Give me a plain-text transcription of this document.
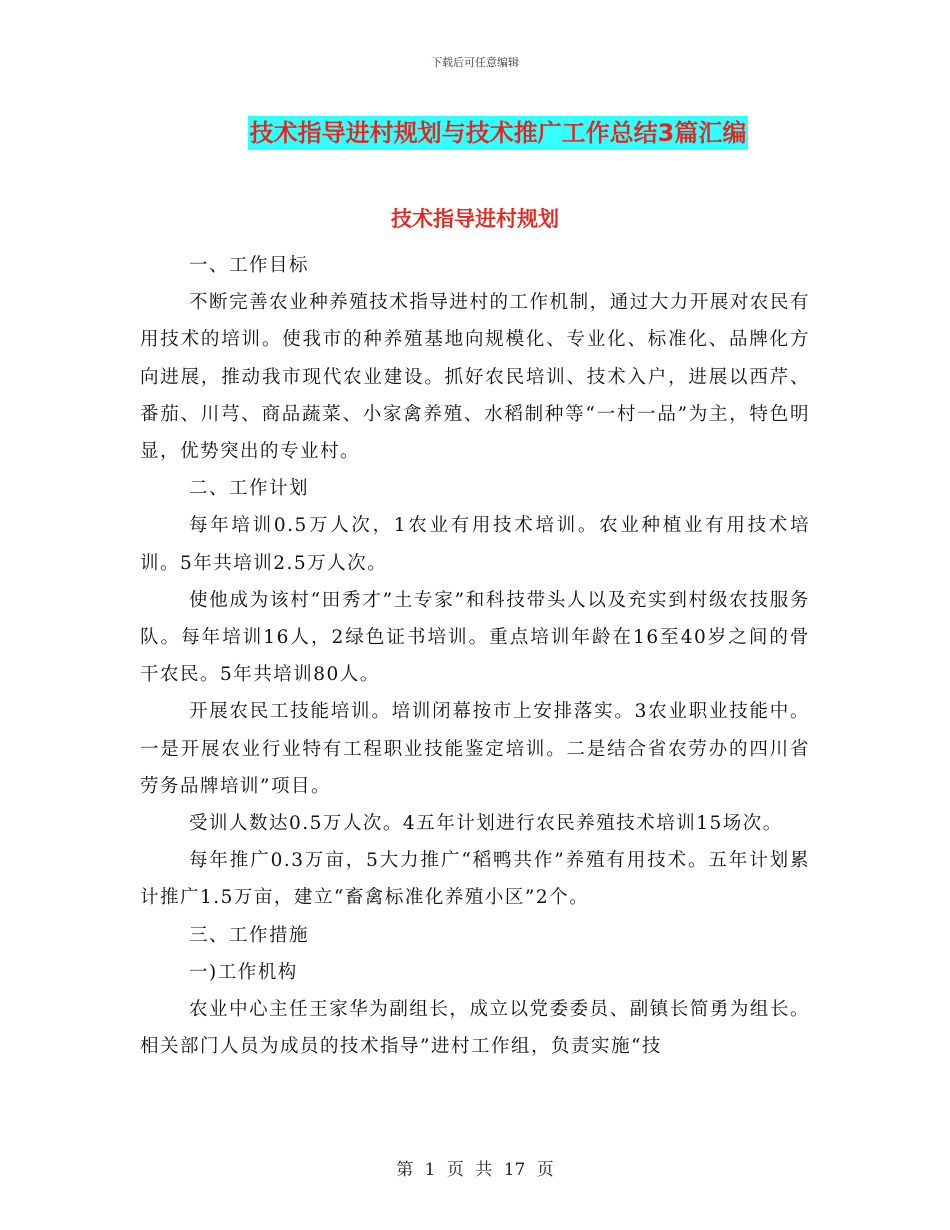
下载后可任意编辑
技术指导进村规划与技术推广工作总结3篇汇编
技术指导进村规划

一、工作目标

不断完善农业种养殖技术指导进村的工作机制，通过大力开展对农民有用技术的培训。使我市的种养殖基地向规模化、专业化、标准化、品牌化方向进展，推动我市现代农业建设。抓好农民培训、技术入户，进展以西芹、番茄、川芎、商品蔬菜、小家禽养殖、水稻制种等“一村一品”为主，特色明显，优势突出的专业村。

二、工作计划

每年培训0.5万人次，1农业有用技术培训。农业种植业有用技术培训。5年共培训2.5万人次。

使他成为该村“田秀才”土专家”和科技带头人以及充实到村级农技服务队。每年培训16人，2绿色证书培训。重点培训年龄在16至40岁之间的骨干农民。5年共培训80人。

开展农民工技能培训。培训闭幕按市上安排落实。3农业职业技能中。一是开展农业行业特有工程职业技能鉴定培训。二是结合省农劳办的四川省劳务品牌培训”项目。

受训人数达0.5万人次。4五年计划进行农民养殖技术培训15场次。

每年推广0.3万亩，5大力推广“稻鸭共作”养殖有用技术。五年计划累计推广1.5万亩，建立“畜禽标准化养殖小区”2个。

三、工作措施

一)工作机构

农业中心主任王家华为副组长，成立以党委委员、副镇长简勇为组长。相关部门人员为成员的技术指导”进村工作组，负责实施“技

第 1 页 共 17 页
